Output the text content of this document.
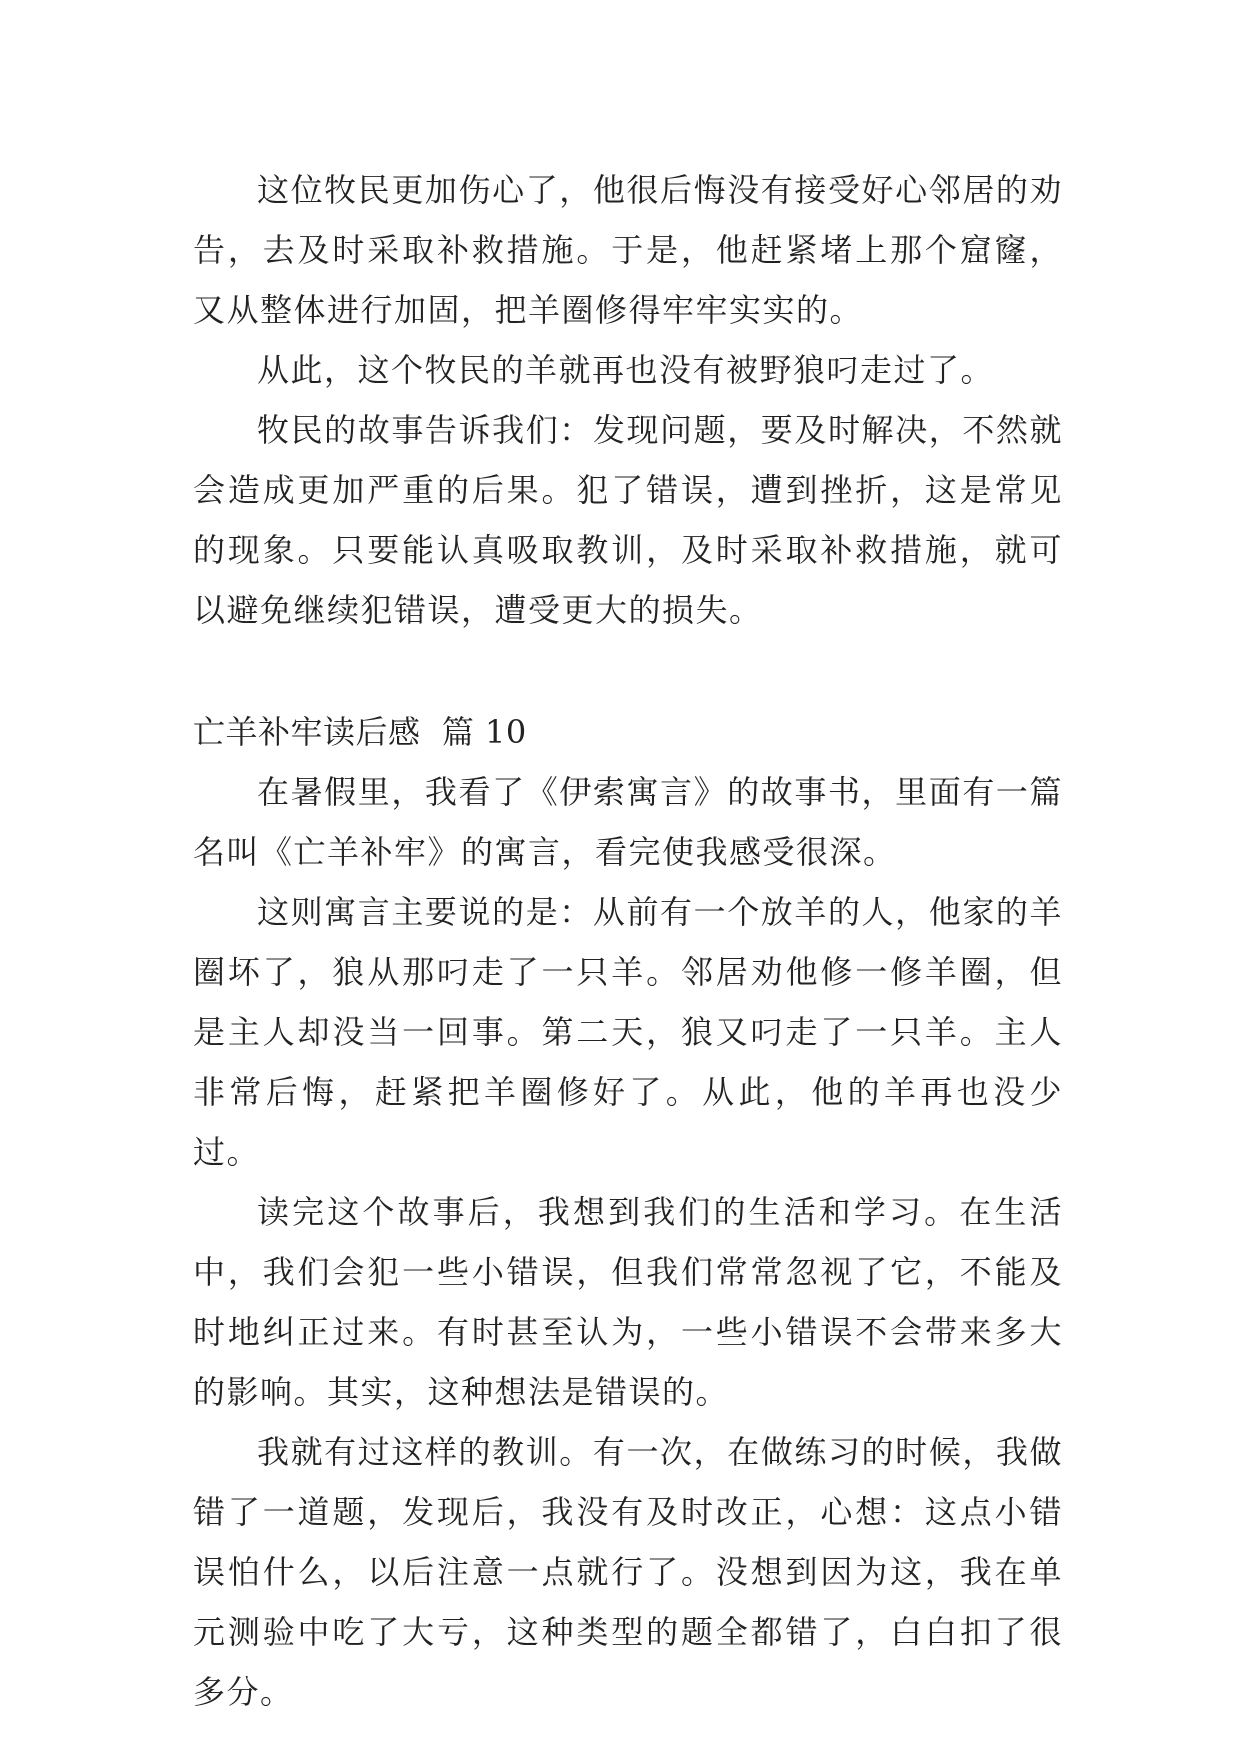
这位牧民更加伤心了，他很后悔没有接受好心邻居的劝告，去及时采取补救措施。于是，他赶紧堵上那个窟窿，又从整体进行加固，把羊圈修得牢牢实实的。

从此，这个牧民的羊就再也没有被野狼叼走过了。

牧民的故事告诉我们：发现问题，要及时解决，不然就会造成更加严重的后果。犯了错误，遭到挫折，这是常见的现象。只要能认真吸取教训，及时采取补救措施，就可以避免继续犯错误，遭受更大的损失。

亡羊补牢读后感  篇 10

在暑假里，我看了《伊索寓言》的故事书，里面有一篇名叫《亡羊补牢》的寓言，看完使我感受很深。

这则寓言主要说的是：从前有一个放羊的人，他家的羊圈坏了，狼从那叼走了一只羊。邻居劝他修一修羊圈，但是主人却没当一回事。第二天，狼又叼走了一只羊。主人非常后悔，赶紧把羊圈修好了。从此，他的羊再也没少过。

读完这个故事后，我想到我们的生活和学习。在生活中，我们会犯一些小错误，但我们常常忽视了它，不能及时地纠正过来。有时甚至认为，一些小错误不会带来多大的影响。其实，这种想法是错误的。

我就有过这样的教训。有一次，在做练习的时候，我做错了一道题，发现后，我没有及时改正，心想：这点小错误怕什么，以后注意一点就行了。没想到因为这，我在单元测验中吃了大亏，这种类型的题全都错了，白白扣了很多分。
